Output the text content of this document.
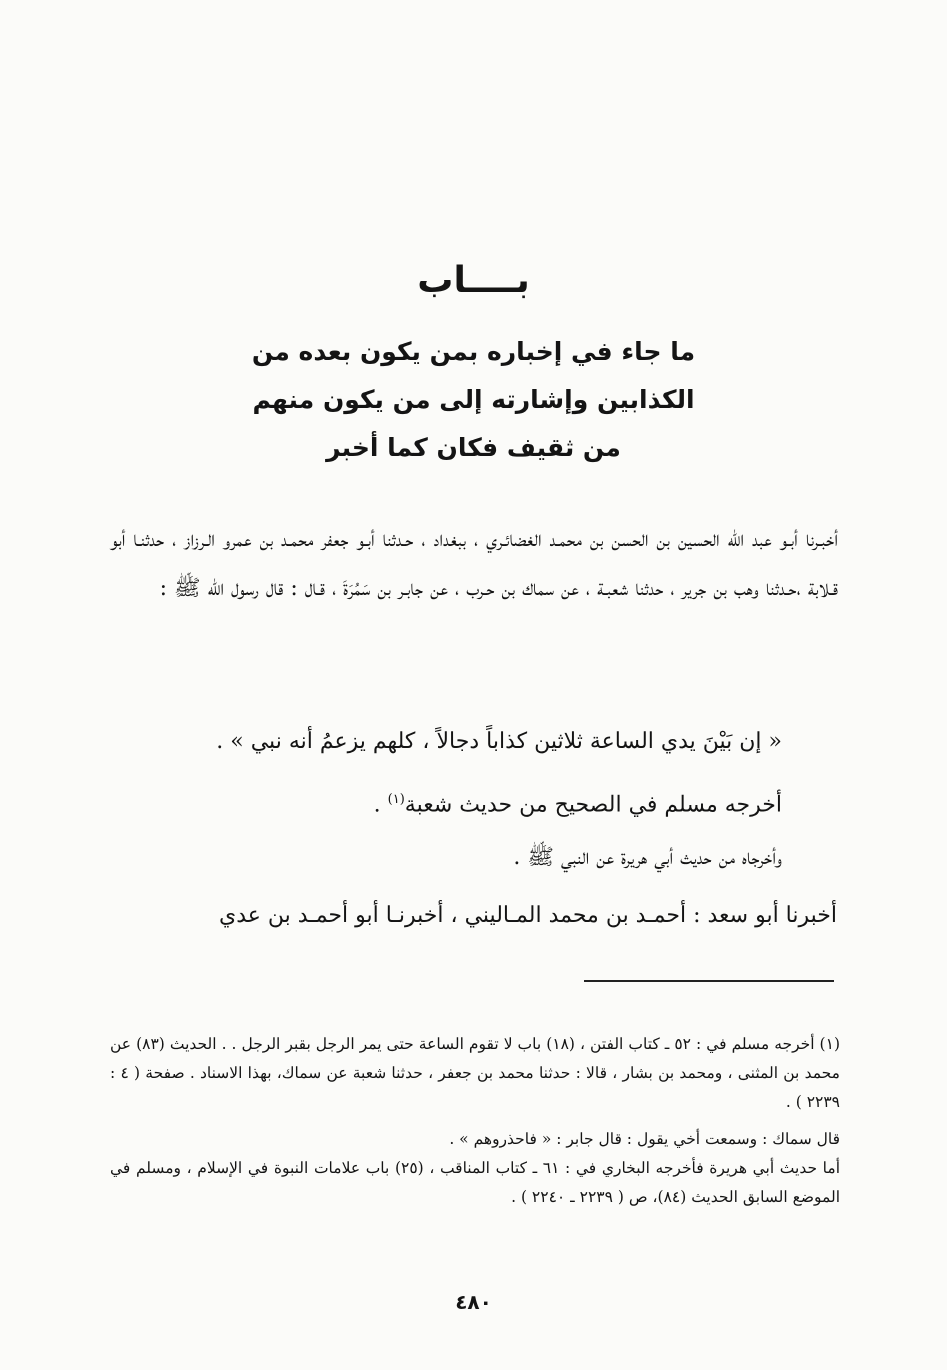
بــــاب
ما جاء في إخباره بمن يكون بعده من
الكذابين وإشارته إلى من يكون منهم
من ثقيف فكان كما أخبر
أخبـرنا أبـو عبد الله الحسين بن الحسن بن محمـد الغضائـري ، ببغداد ، حـدثنا أبـو جعفر محمـد بن عمرو الـرزاز ، حدثنـا أبو قـلابة ،حـدثنا وهب بن جرير ، حدثنا شعبـة ، عن سماك بن حـرب ، عن جابـر بن سَمُرَةَ ، قـال : قال رسول الله ﷺ :
« إن بَيْنَ يدي الساعة ثلاثين كذاباً دجالاً ، كلهم يزعمُ أنه نبي » .
أخرجه مسلم في الصحيح من حديث شعبة$^{(١)}$ .
وأخرجاه من حديث أبي هريرة عن النبي ﷺ .
أخبرنا أبو سعد : أحمـد بن محمد المـاليني ، أخبرنـا أبو أحمـد بن عدي
(١) أخرجه مسلم في : ٥٢ ـ كتاب الفتن ، (١٨) باب لا تقوم الساعة حتى يمر الرجل بقبر الرجل . . الحديث (٨٣) عن محمد بن المثنى ، ومحمد بن بشار ، قالا : حدثنا محمد بن جعفر ، حدثنا شعبة عن سماك، بهذا الاسناد . صفحة ( ٤ : ٢٢٣٩ ) .
قال سماك : وسمعت أخي يقول : قال جابر : « فاحذروهم » .
أما حديث أبي هريرة فأخرجه البخاري في : ٦١ ـ كتاب المناقب ، (٢٥) باب علامات النبوة في الإسلام ، ومسلم في الموضع السابق الحديث (٨٤)، ص ( ٢٢٣٩ ـ ٢٢٤٠ ) .
٤٨٠
